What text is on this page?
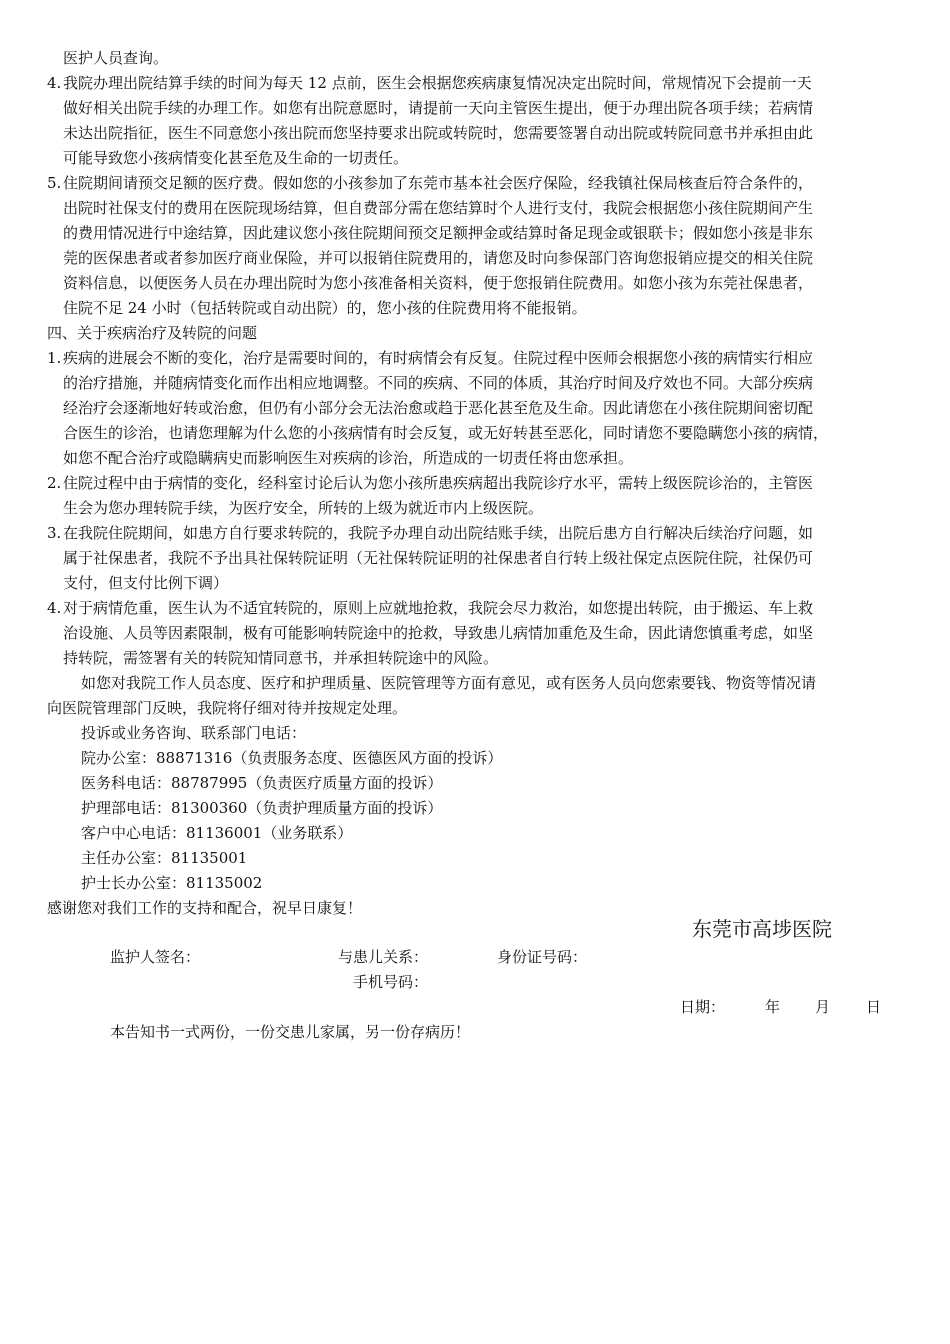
医护人员查询。
4. 我院办理出院结算手续的时间为每天 12 点前，医生会根据您疾病康复情况决定出院时间，常规情况下会提前一天
做好相关出院手续的办理工作。如您有出院意愿时，请提前一天向主管医生提出，便于办理出院各项手续；若病情
未达出院指征，医生不同意您小孩出院而您坚持要求出院或转院时，您需要签署自动出院或转院同意书并承担由此
可能导致您小孩病情变化甚至危及生命的一切责任。
5. 住院期间请预交足额的医疗费。假如您的小孩参加了东莞市基本社会医疗保险，经我镇社保局核查后符合条件的，
出院时社保支付的费用在医院现场结算，但自费部分需在您结算时个人进行支付，我院会根据您小孩住院期间产生
的费用情况进行中途结算，因此建议您小孩住院期间预交足额押金或结算时备足现金或银联卡；假如您小孩是非东
莞的医保患者或者参加医疗商业保险，并可以报销住院费用的，请您及时向参保部门咨询您报销应提交的相关住院
资料信息，以便医务人员在办理出院时为您小孩准备相关资料，便于您报销住院费用。如您小孩为东莞社保患者，
住院不足 24 小时（包括转院或自动出院）的，您小孩的住院费用将不能报销。
四、关于疾病治疗及转院的问题
1. 疾病的进展会不断的变化，治疗是需要时间的，有时病情会有反复。住院过程中医师会根据您小孩的病情实行相应
的治疗措施，并随病情变化而作出相应地调整。不同的疾病、不同的体质，其治疗时间及疗效也不同。大部分疾病
经治疗会逐渐地好转或治愈，但仍有小部分会无法治愈或趋于恶化甚至危及生命。因此请您在小孩住院期间密切配
合医生的诊治，也请您理解为什么您的小孩病情有时会反复，或无好转甚至恶化，同时请您不要隐瞒您小孩的病情，
如您不配合治疗或隐瞒病史而影响医生对疾病的诊治，所造成的一切责任将由您承担。
2. 住院过程中由于病情的变化，经科室讨论后认为您小孩所患疾病超出我院诊疗水平，需转上级医院诊治的，主管医
生会为您办理转院手续，为医疗安全，所转的上级为就近市内上级医院。
3. 在我院住院期间，如患方自行要求转院的，我院予办理自动出院结账手续，出院后患方自行解决后续治疗问题，如
属于社保患者，我院不予出具社保转院证明（无社保转院证明的社保患者自行转上级社保定点医院住院，社保仍可
支付，但支付比例下调）
4. 对于病情危重，医生认为不适宜转院的，原则上应就地抢救，我院会尽力救治，如您提出转院，由于搬运、车上救
治设施、人员等因素限制，极有可能影响转院途中的抢救，导致患儿病情加重危及生命，因此请您慎重考虑，如坚
持转院，需签署有关的转院知情同意书，并承担转院途中的风险。
如您对我院工作人员态度、医疗和护理质量、医院管理等方面有意见，或有医务人员向您索要钱、物资等情况请
向医院管理部门反映，我院将仔细对待并按规定处理。
投诉或业务咨询、联系部门电话：
院办公室：88871316（负责服务态度、医德医风方面的投诉）
医务科电话：88787995（负责医疗质量方面的投诉）
护理部电话：81300360（负责护理质量方面的投诉）
客户中心电话：81136001（业务联系）
主任办公室：81135001
护士长办公室：81135002
感谢您对我们工作的支持和配合，祝早日康复！
东莞市高埗医院
监护人签名：	与患儿关系：	身份证号码：
手机号码：
日期：	年 月 日
本告知书一式两份，一份交患儿家属，另一份存病历！
